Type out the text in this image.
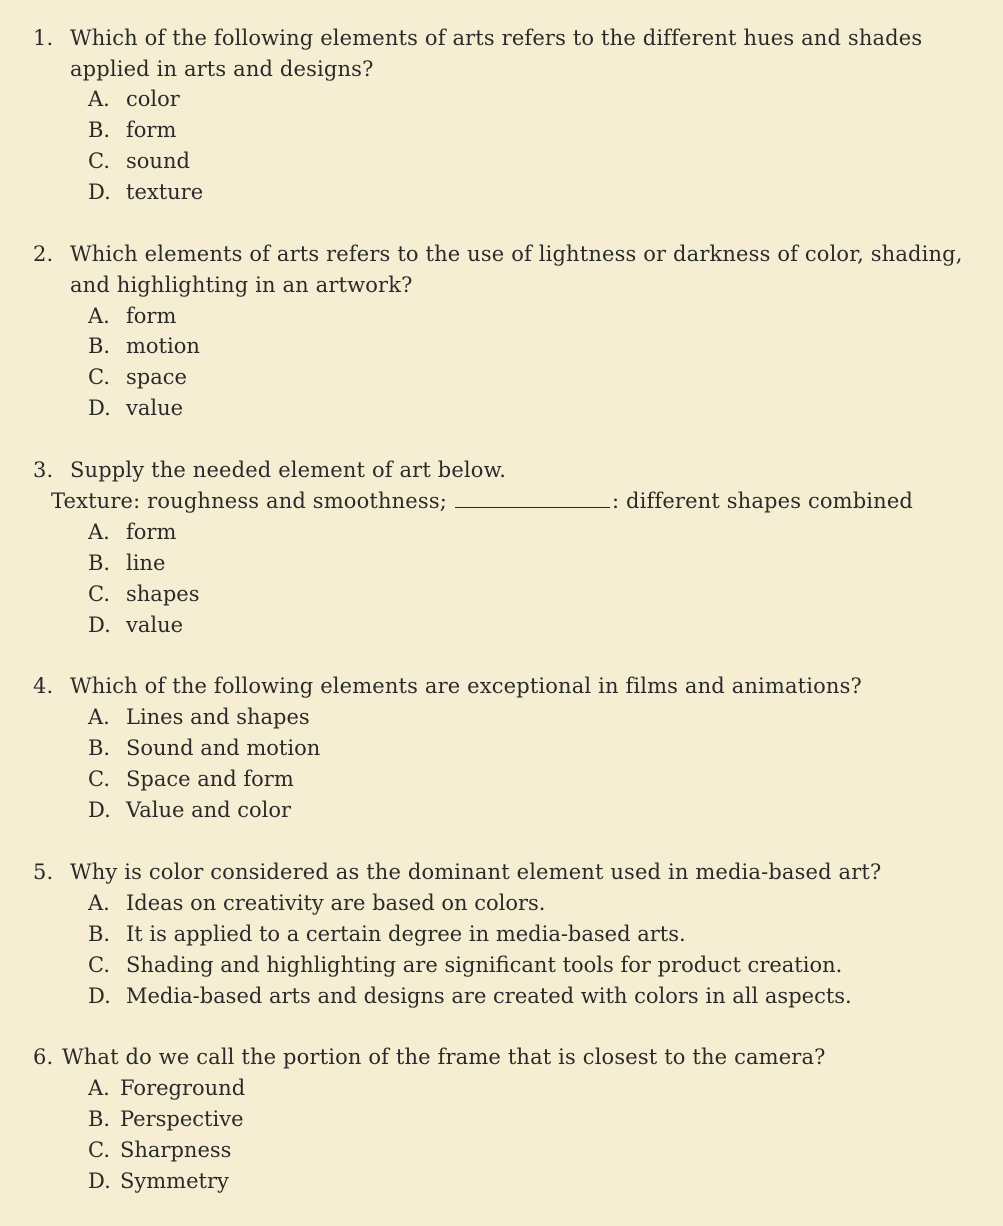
1. Which of the following elements of arts refers to the different hues and shades
applied in arts and designs?
A. color
B. form
C. sound
D. texture
2. Which elements of arts refers to the use of lightness or darkness of color, shading,
and highlighting in an artwork?
A. form
B. motion
C. space
D. value
3. Supply the needed element of art below.
Texture: roughness and smoothness;	: different shapes combined
A. form
B. line
C. shapes
D. value
4. Which of the following elements are exceptional in films and animations?
A. Lines and shapes
B. Sound and motion
C. Space and form
D. Value and color
5. Why is color considered as the dominant element used in media-based art?
A. Ideas on creativity are based on colors.
B. It is applied to a certain degree in media-based arts.
C. Shading and highlighting are significant tools for product creation.
D. Media-based arts and designs are created with colors in all aspects.
6. What do we call the portion of the frame that is closest to the camera?
A. Foreground
B. Perspective
C. Sharpness
D. Symmetry
